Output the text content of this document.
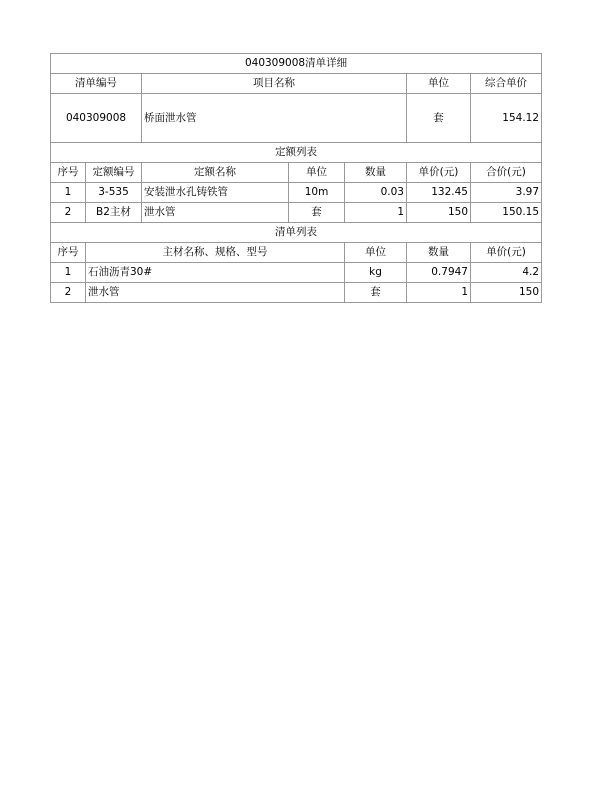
040309008清单详细							
清单编号		项目名称			单位	综合单价	
040309008		桥面泄水管			套	154.12	
定额列表							
序号	定额编号	定额名称	单位	数量	单价(元)	合价(元)	
1	3-535	安装泄水孔铸铁管	10m	0.03	132.45	3.97	
2	B2主材	泄水管	套	1	150	150.15	
清单列表							
序号	主材名称、规格、型号			单位	数量	单价(元)	
1	石油沥青30#			kg	0.7947	4.2	
2	泄水管			套	1	150	
